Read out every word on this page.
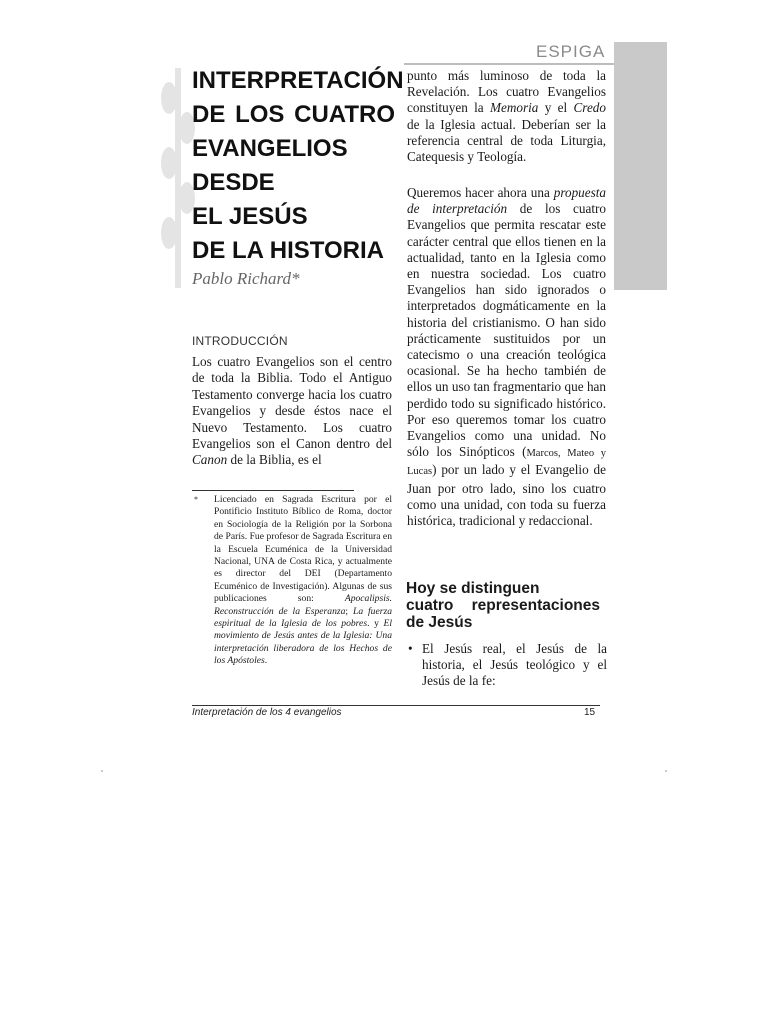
ESPIGA
INTERPRETACIÓN
DE LOS CUATRO
EVANGELIOS
DESDE
EL JESÚS
DE LA HISTORIA
Pablo Richard*
INTRODUCCIÓN

Los cuatro Evangelios son el centro de toda la Biblia. Todo el Antiguo Testamento converge hacia los cuatro Evangelios y desde éstos nace el Nuevo Testamento. Los cuatro Evangelios son el Canon dentro del Canon de la Biblia, es el

*	Licenciado en Sagrada Escritura por el Pontificio Instituto Bíblico de Roma, doctor en Sociología de la Religión por la Sorbona de París. Fue profesor de Sagrada Escritura en la Escuela Ecuménica de la Universidad Nacional, UNA de Costa Rica, y actualmente es director del DEI (Departamento Ecuménico de Investigación). Algunas de sus publicaciones son: Apocalipsis. Reconstrucción de la Esperanza; La fuerza espiritual de la Iglesia de los pobres. y El movimiento de Jesús antes de la Iglesia: Una interpretación liberadora de los Hechos de los Apóstoles.

punto más luminoso de toda la Revelación. Los cuatro Evangelios constituyen la Memoria y el Credo de la Iglesia actual. Deberían ser la referencia central de toda Liturgia, Catequesis y Teología.

Queremos hacer ahora una propuesta de interpretación de los cuatro Evangelios que permita rescatar este carácter central que ellos tienen en la actualidad, tanto en la Iglesia como en nuestra sociedad. Los cuatro Evangelios han sido ignorados o interpretados dogmáticamente en la historia del cristianismo. O han sido prácticamente sustituidos por un catecismo o una creación teológica ocasional. Se ha hecho también de ellos un uso tan fragmentario que han perdido todo su significado histórico. Por eso queremos tomar los cuatro Evangelios como una unidad. No sólo los Sinópticos (Marcos, Mateo y Lucas) por un lado y el Evangelio de Juan por otro lado, sino los cuatro como una unidad, con toda su fuerza histórica, tradicional y redaccional.

Hoy se distinguen
cuatro representaciones
de Jesús
• El Jesús real, el Jesús de la historia, el Jesús teológico y el Jesús de la fe:
Interpretación de los 4 evangelios	15
